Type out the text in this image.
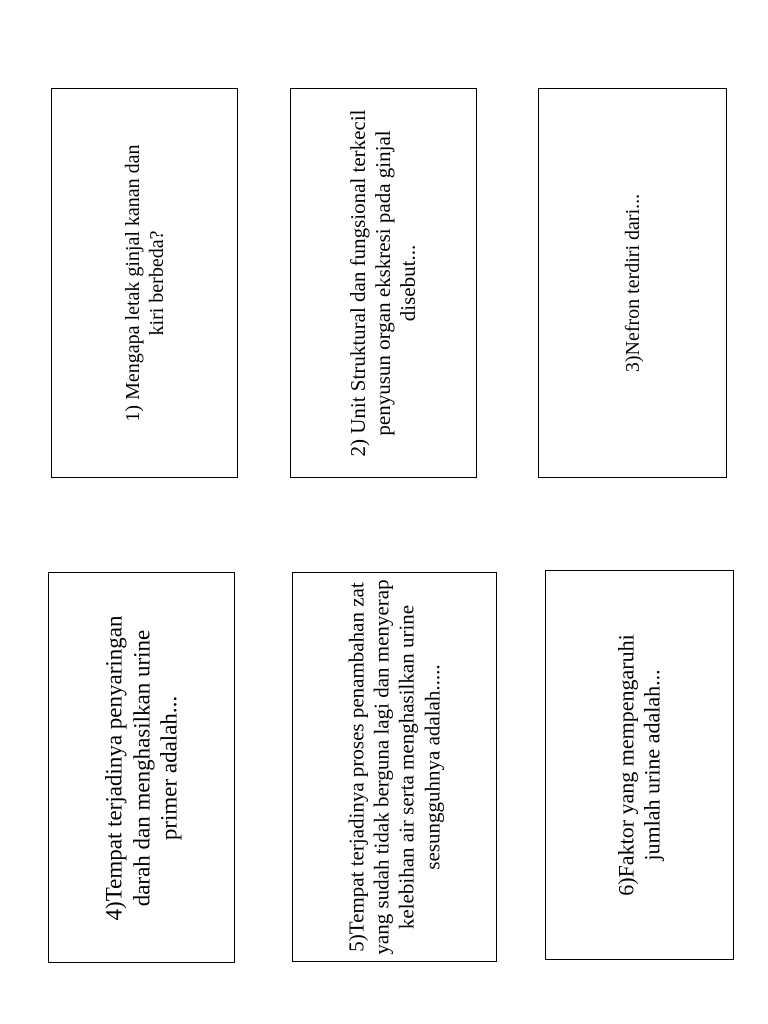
1) Mengapa letak ginjal kanan dan kiri berbeda?	2) Unit Struktural dan fungsional terkecil penyusun organ ekskresi pada ginjal disebut...	3)Nefron terdiri dari...
4)Tempat terjadinya penyaringan darah dan menghasilkan urine primer adalah...	5)Tempat terjadinya proses penambahan zat yang sudah tidak berguna lagi dan menyerap kelebihan air serta menghasilkan urine sesungguhnya adalah.....	6)Faktor yang mempengaruhi jumlah urine adalah...
